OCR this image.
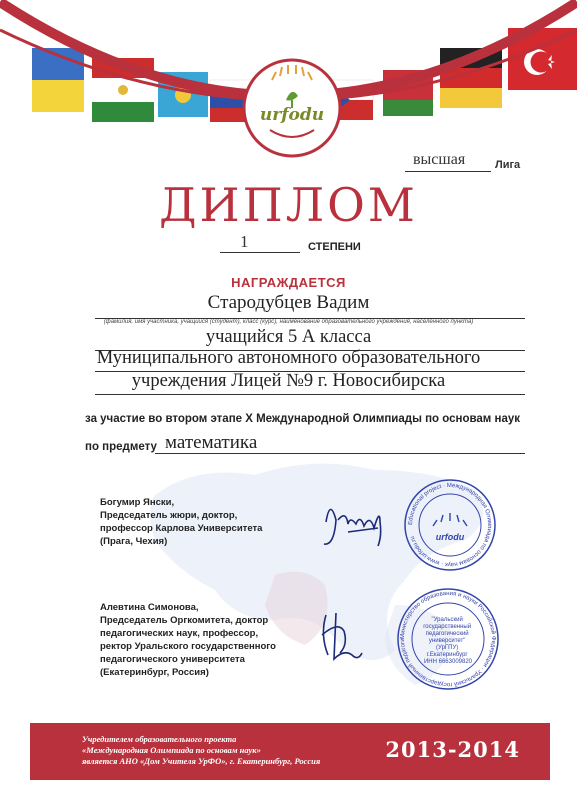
urfodu
высшая	Лига
ДИПЛОМ
1	СТЕПЕНИ
НАГРАЖДАЕТСЯ
Стародубцев Вадим
(фамилия, имя участника, учащийся (студент), класс (курс), наименование образовательного учреждения, населенного пункта)
учащийся 5 А класса
Муниципального автономного образовательного
учреждения Лицей №9 г. Новосибирска
за участие во втором этапе X Международной Олимпиады по основам наук
по предмету математика
Богумир Янски,
Председатель жюри, доктор,
профессор Карлова Университета
(Прага, Чехия)
Educational project · Международная Олимпиада по основам наук · www.urfodu.ru	urfodu
Алевтина Симонова,
Председатель Оргкомитета, доктор
педагогических наук, профессор,
ректор Уральского государственного
педагогического университета
(Екатеринбург, Россия)
Министерство образования и науки Российской Федерации · Уральский государственный педагоги
"Уральский государственный педагогический университет" (УрГПУ) г.Екатеринбург ИНН 6663009820
Учредителем образовательного проекта
«Международная Олимпиада по основам наук»
является АНО «Дом Учителя УрФО», г. Екатеринбург, Россия	2013-2014
